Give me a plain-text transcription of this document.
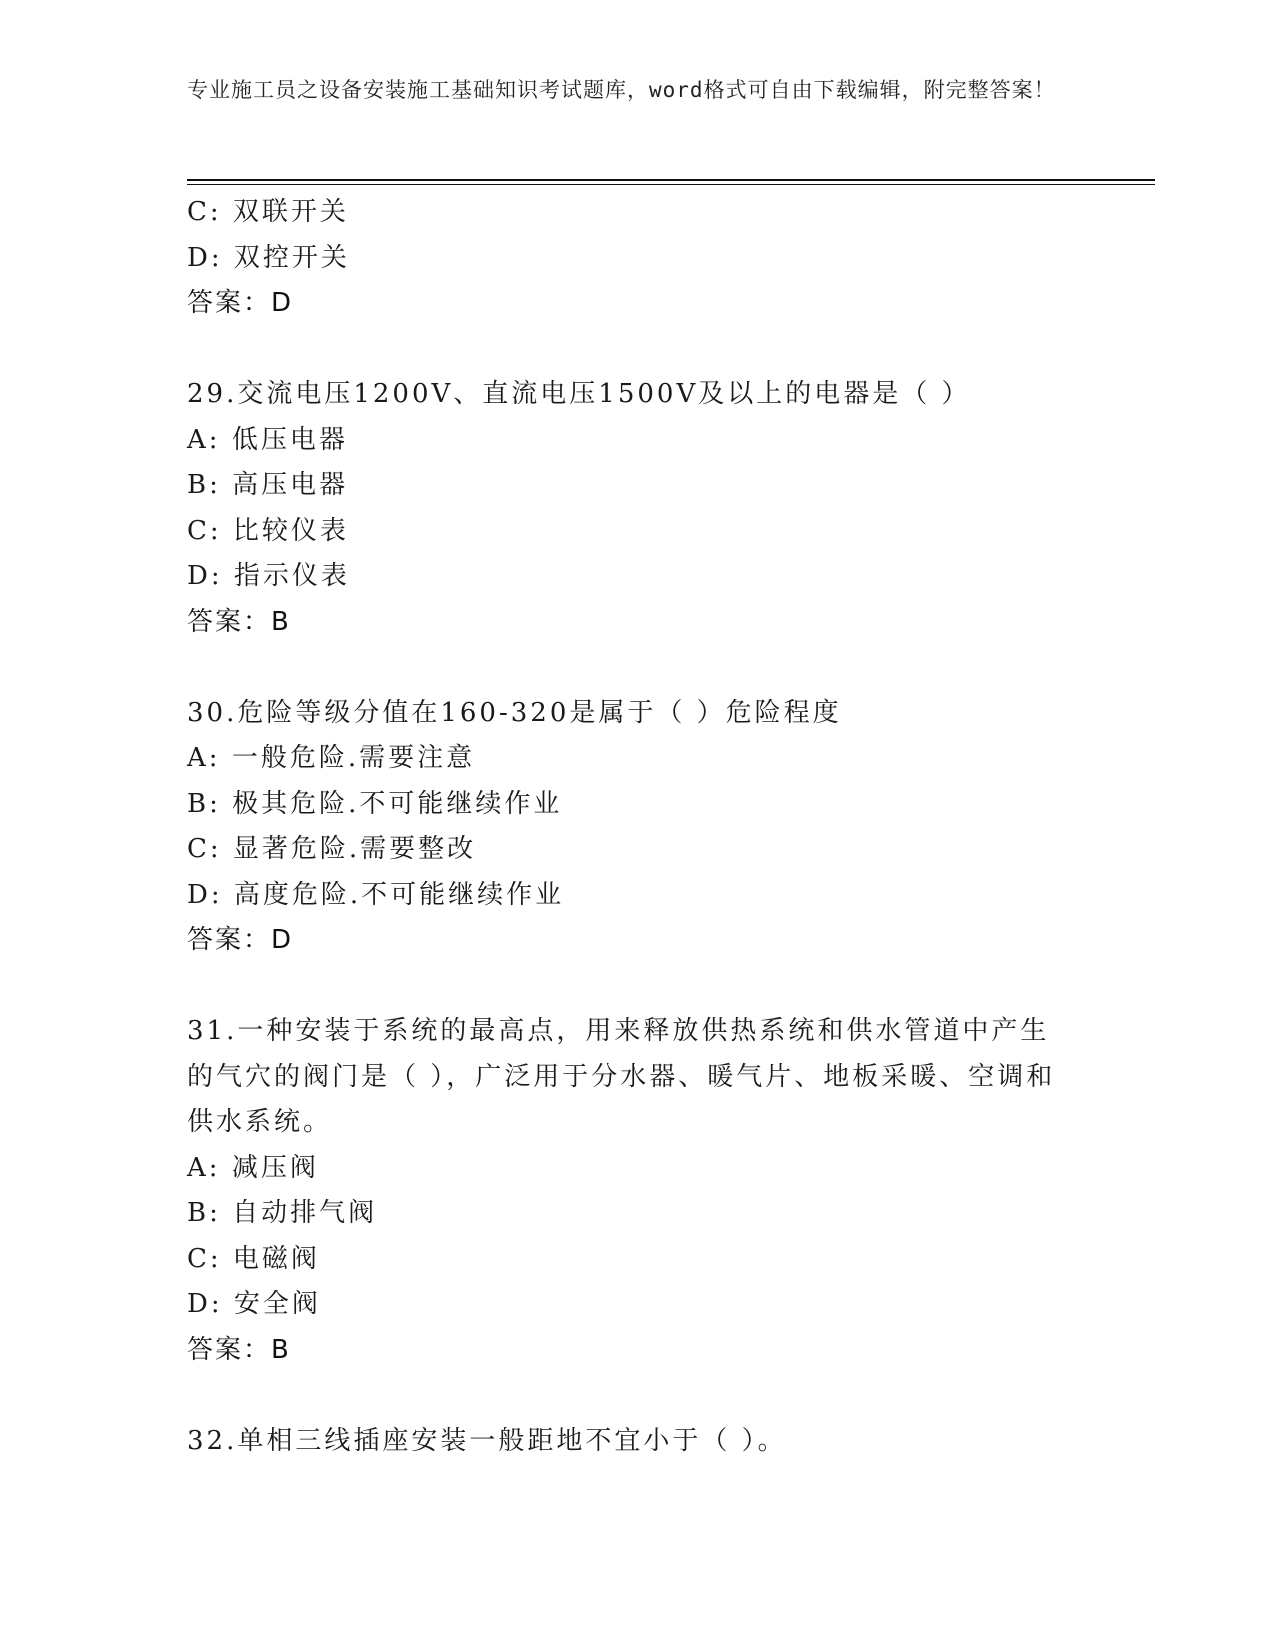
专业施工员之设备安装施工基础知识考试题库，word格式可自由下载编辑，附完整答案！
C: 双联开关
D: 双控开关
答案：D
29.交流电压1200V、直流电压1500V及以上的电器是（ ）
A: 低压电器
B: 高压电器
C: 比较仪表
D: 指示仪表
答案：B
30.危险等级分值在160-320是属于（ ）危险程度
A: 一般危险.需要注意
B: 极其危险.不可能继续作业
C: 显著危险.需要整改
D: 高度危险.不可能继续作业
答案：D
31.一种安装于系统的最高点，用来释放供热系统和供水管道中产生的气穴的阀门是（ ），广泛用于分水器、暖气片、地板采暖、空调和供水系统。
A: 减压阀
B: 自动排气阀
C: 电磁阀
D: 安全阀
答案：B
32.单相三线插座安装一般距地不宜小于（ ）。
